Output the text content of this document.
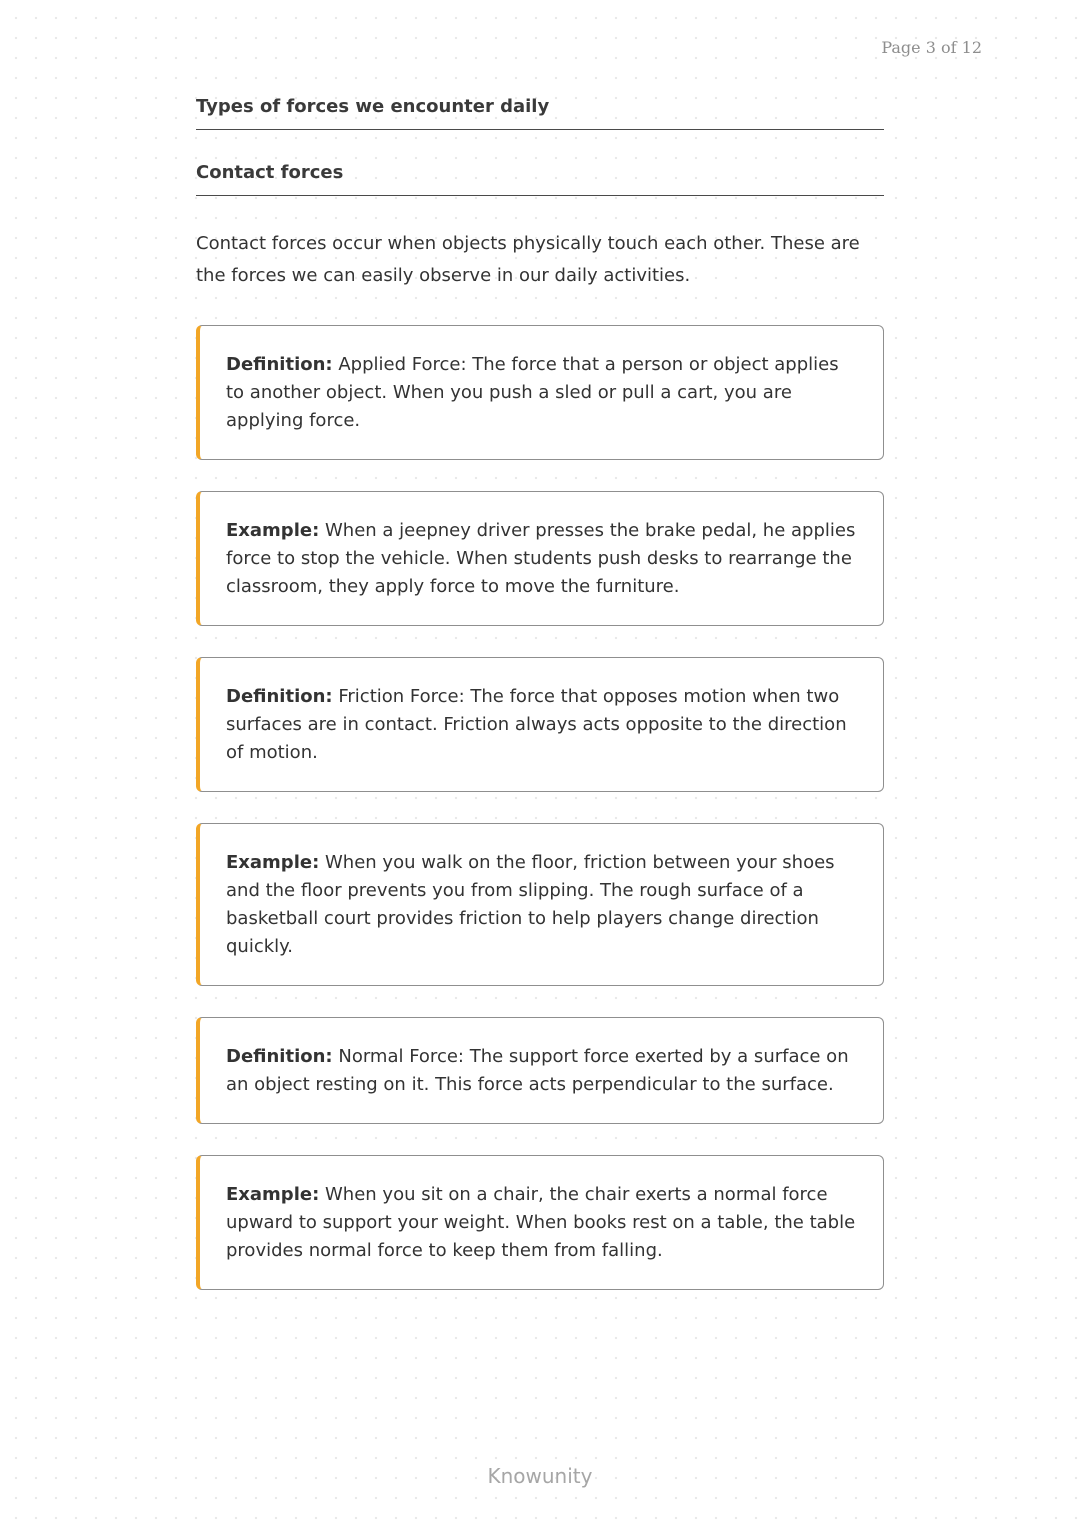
Page 3 of 12
Types of forces we encounter daily
Contact forces

Contact forces occur when objects physically touch each other. These are the forces we can easily observe in our daily activities.

Definition: Applied Force: The force that a person or object applies to another object. When you push a sled or pull a cart, you are applying force.
Example: When a jeepney driver presses the brake pedal, he applies force to stop the vehicle. When students push desks to rearrange the classroom, they apply force to move the furniture.
Definition: Friction Force: The force that opposes motion when two surfaces are in contact. Friction always acts opposite to the direction of motion.
Example: When you walk on the floor, friction between your shoes and the floor prevents you from slipping. The rough surface of a basketball court provides friction to help players change direction quickly.
Definition: Normal Force: The support force exerted by a surface on an object resting on it. This force acts perpendicular to the surface.
Example: When you sit on a chair, the chair exerts a normal force upward to support your weight. When books rest on a table, the table provides normal force to keep them from falling.
Knowunity
